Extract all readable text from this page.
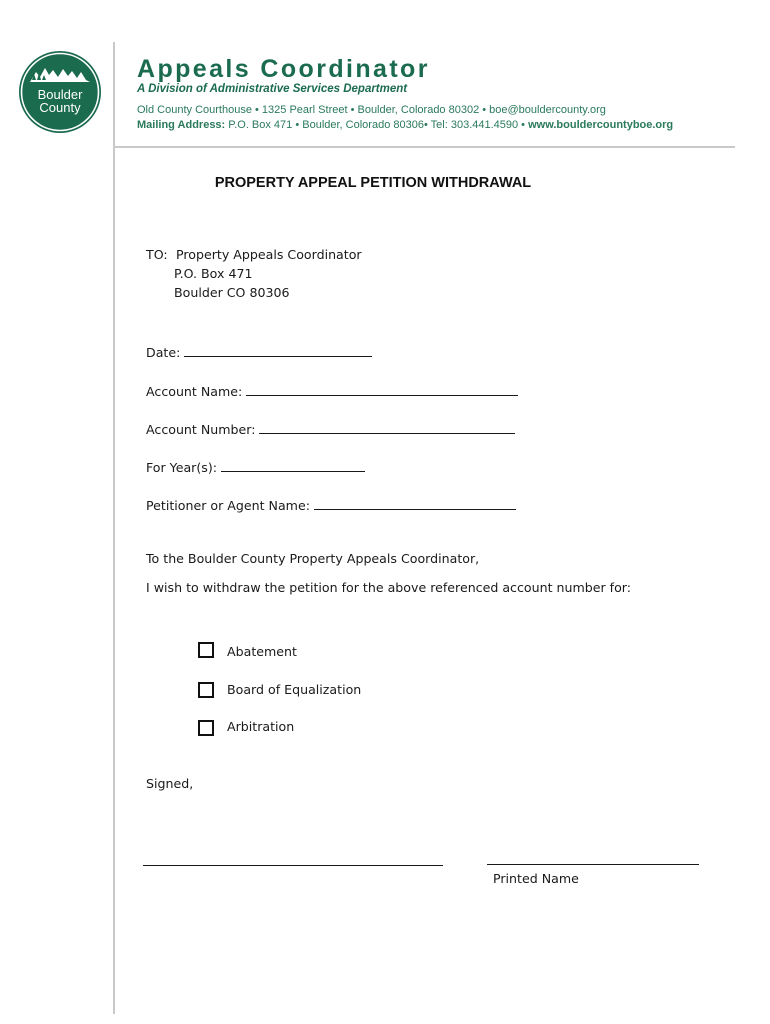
Boulder
County
Appeals Coordinator
A Division of Administrative Services Department
Old County Courthouse • 1325 Pearl Street • Boulder, Colorado 80302 • boe@bouldercounty.org
Mailing Address: P.O. Box 471 • Boulder, Colorado 80306• Tel: 303.441.4590 • www.bouldercountyboe.org
PROPERTY APPEAL PETITION WITHDRAWAL
TO: Property Appeals Coordinator
P.O. Box 471
Boulder CO 80306
Date:
Account Name:
Account Number:
For Year(s):
Petitioner or Agent Name:
To the Boulder County Property Appeals Coordinator,
I wish to withdraw the petition for the above referenced account number for:
Abatement
Board of Equalization
Arbitration
Signed,
Printed Name
